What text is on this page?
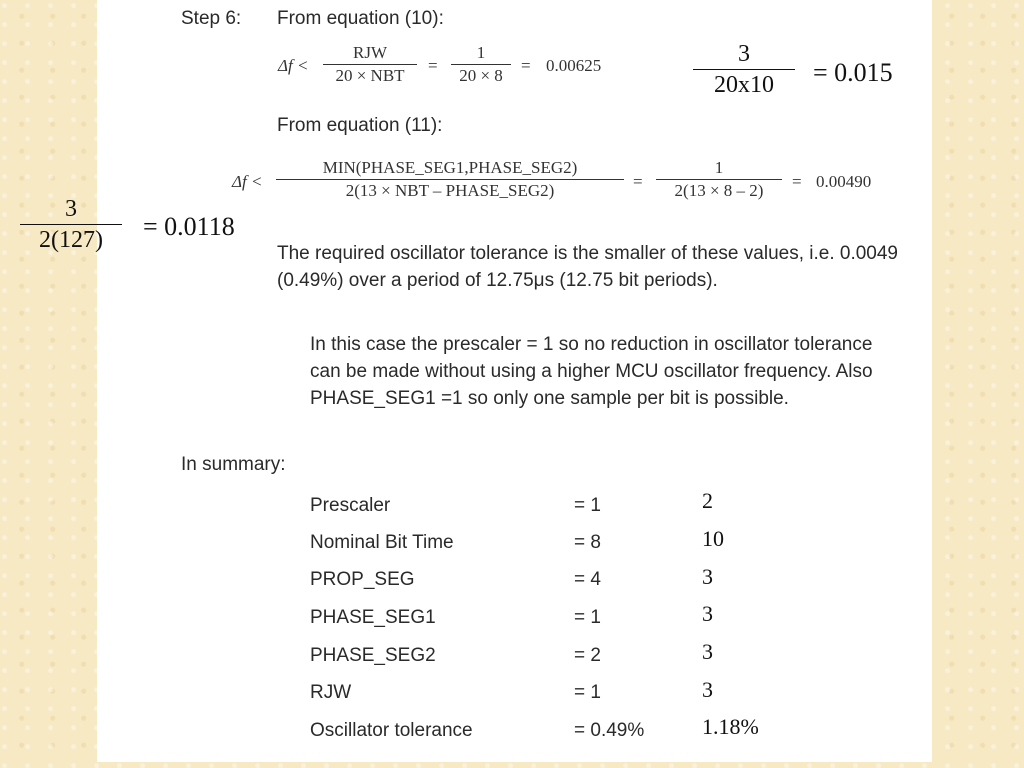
Step 6: From equation (10):
Δf <
RJW
20 × NBT
=
1
20 × 8
= 0.00625	3
20x10	= 0.015
From equation (11):
Δf <
MIN(PHASE_SEG1,PHASE_SEG2)
2(13 × NBT – PHASE_SEG2)	=
1
2(13 × 8 – 2)	= 0.00490
3
2(127)	= 0.0118
The required oscillator tolerance is the smaller of these values, i.e. 0.0049 (0.49%) over a period of 12.75μs (12.75 bit periods).
In this case the prescaler = 1 so no reduction in oscillator tolerance can be made without using a higher MCU oscillator frequency. Also PHASE_SEG1 =1 so only one sample per bit is possible.
In summary:
Prescaler	= 1	2
Nominal Bit Time	= 8	10
PROP_SEG	= 4	3
PHASE_SEG1	= 1	3
PHASE_SEG2	= 2	3
RJW	= 1	3
Oscillator tolerance	= 0.49%	1.18%
